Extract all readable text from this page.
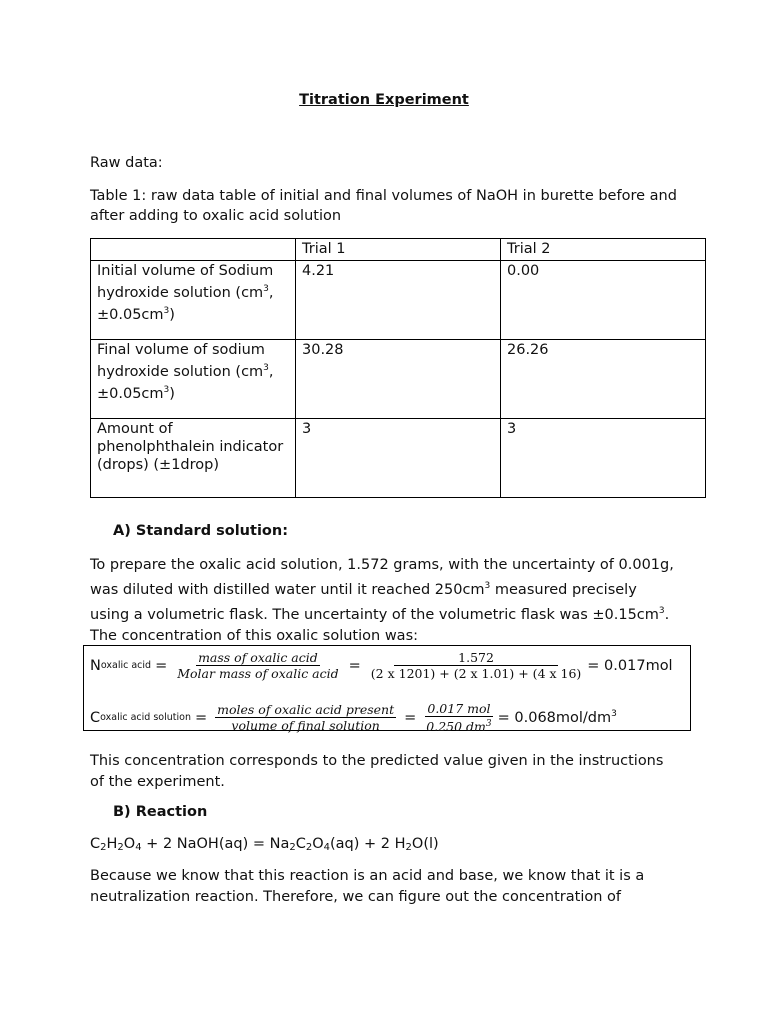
Titration Experiment
Raw data:
Table 1: raw data table of initial and final volumes of NaOH in burette before and after adding to oxalic acid solution
	Trial 1	Trial 2
Initial volume of Sodium hydroxide solution ($cm^3$, $\pm 0.05cm^3$)	4.21	0.00
Final volume of sodium hydroxide solution ($cm^3$, $\pm 0.05cm^3$)	30.28	26.26
Amount of phenolphthalein indicator (drops) (±1drop)	3	3
A) Standard solution:
To prepare the oxalic acid solution, 1.572 grams, with the uncertainty of 0.001g, was diluted with distilled water until it reached $250cm^3$ measured precisely using a volumetric flask. The uncertainty of the volumetric flask was $\pm 0.15cm^3$. The concentration of this oxalic solution was:
N oxalic acid = $\frac{\text{mass of oxalic acid}}{\text{Molar mass of oxalic acid}} = \frac{1.572}{(2 x 1201) + (2 x 1.01) + (4 x 16)} = 0.017mol$
C oxalic acid solution = $\frac{\text{moles of oxalic acid present}}{\text{volume of final solution}} = \frac{\text{0.017 mol}}{0.250 dm^3} = 0.068mol/dm^3$
This concentration corresponds to the predicted value given in the instructions of the experiment.
B) Reaction
C2H2O4 + 2 NaOH(aq) = Na2C2O4(aq) + 2 H2O(l)
Because we know that this reaction is an acid and base, we know that it is a neutralization reaction. Therefore, we can figure out the concentration of
